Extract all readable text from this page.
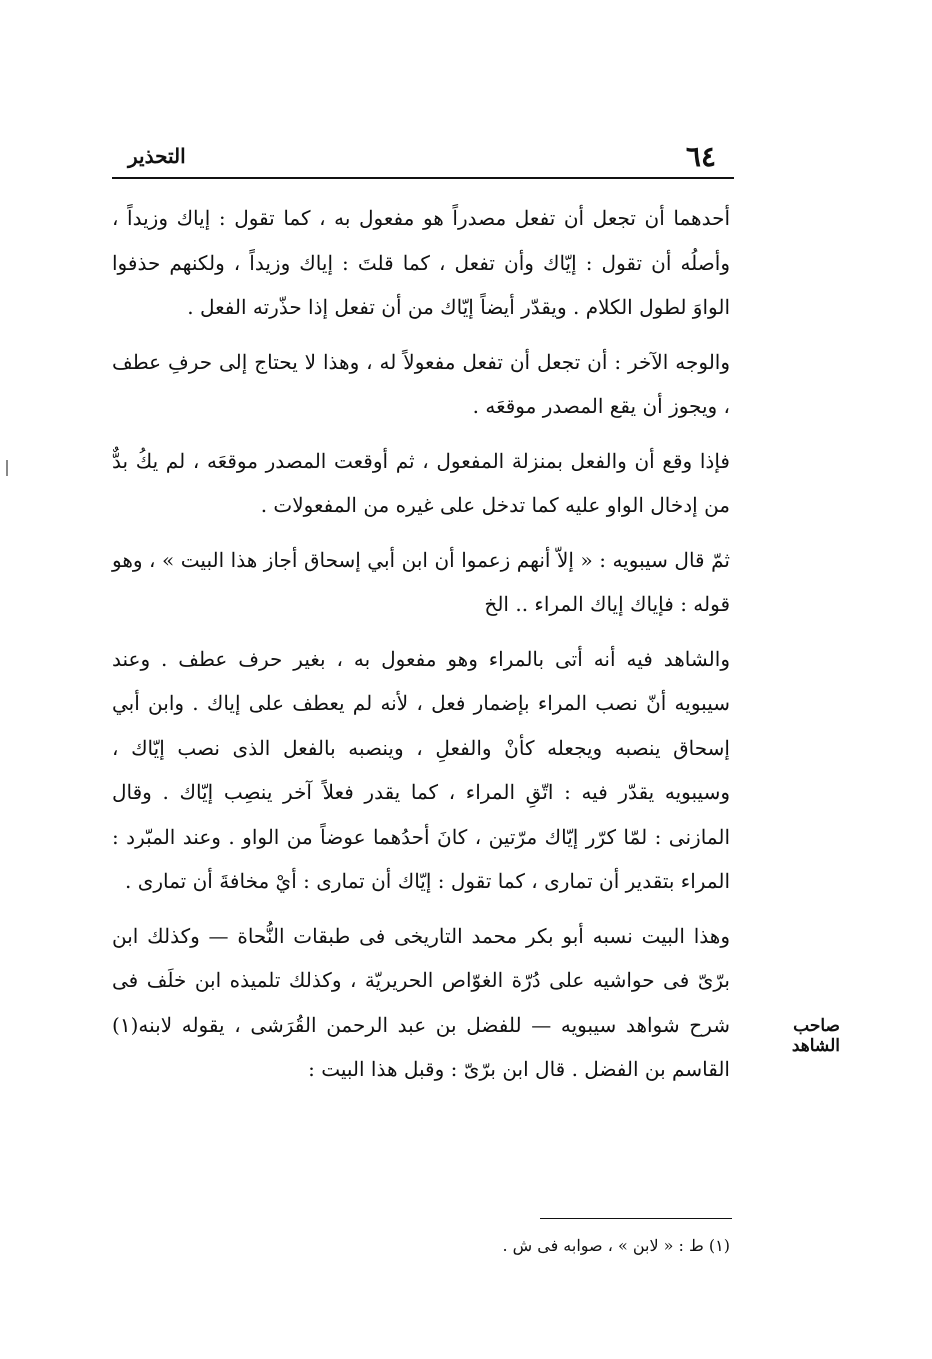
٦٤
التحذير

أحدهما أن تجعل أن تفعل مصدراً هو مفعول به ، كما تقول : إياك وزيداً ، وأصلُه أن تقول : إيّاك وأن تفعل ، كما قلتَ : إياك وزيداً ، ولكنهم حذفوا الواوَ لطول الكلام . ويقدّر أيضاً إيّاك من أن تفعل إذا حذّرته الفعل .

والوجه الآخر : أن تجعل أن تفعل مفعولاً له ، وهذا لا يحتاج إلى حرفِ عطف ، ويجوز أن يقع المصدر موقعَه .

فإذا وقع أن والفعل بمنزلة المفعول ، ثم أوقعت المصدر موقعَه ، لم يكُ بدٌّ من إدخال الواو عليه كما تدخل على غيره من المفعولات .

ثمّ قال سيبويه : « إلاّ أنهم زعموا أن ابن أبي إسحاق أجاز هذا البيت » ، وهو قوله : فإياك إياك المراء .. الخ

والشاهد فيه أنه أتى بالمراء وهو مفعول به ، بغير حرف عطف . وعند سيبويه أنّ نصب المراء بإضمار فعل ، لأنه لم يعطف على إياك . وابن أبي إسحاق ينصبه ويجعله كأنْ والفعلِ ، وينصبه بالفعل الذى نصب إيّاك ، وسيبويه يقدّر فيه : اتّقِ المراء ، كما يقدر فعلاً آخر ينصِب إيّاك . وقال المازنى : لمّا كرّر إيّاك مرّتين ، كانَ أحدُهما عوضاً من الواو . وعند المبّرد : المراء بتقدير أن تمارى ، كما تقول : إيّاك أن تمارى : أيْ مخافةَ أن تمارى .

وهذا البيت نسبه أبو بكر محمد التاريخى فى طبقات النُّحاة — وكذلك ابن برّىّ فى حواشيه على دُرّة الغوّاص الحريريّة ، وكذلك تلميذه ابن خلَف فى شرح شواهد سيبويه — للفضل بن عبد الرحمن القُرَشى ، يقوله لابنه(١) القاسم بن الفضل . قال ابن برّىّ : وقبل هذا البيت :

صاحب الشاهد
(١) ط : « لابن » ، صوابه فى ش .
